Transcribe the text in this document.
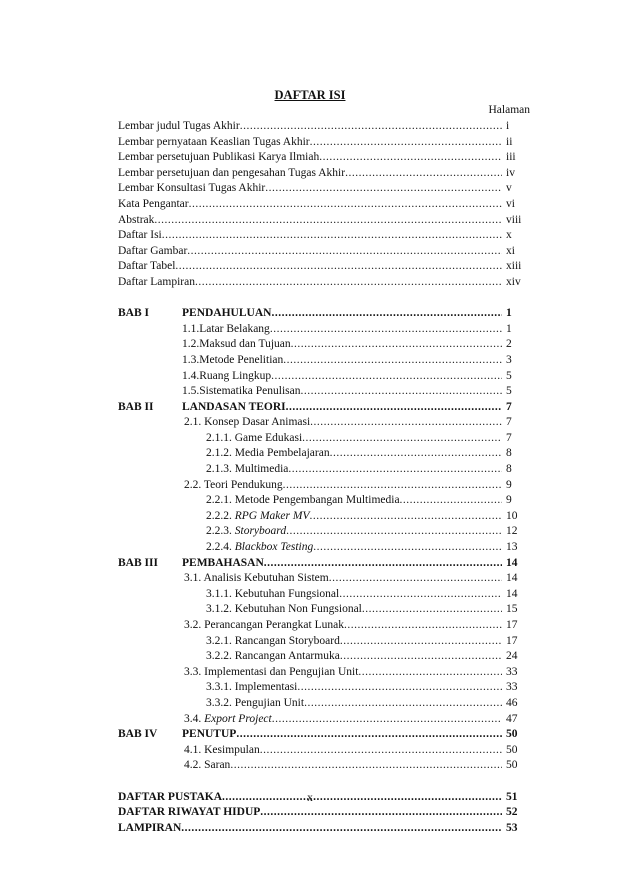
DAFTAR ISI
Halaman
Lembar judul Tugas Akhir .....	i
Lembar pernyataan Keaslian Tugas Akhir .....	ii
Lembar persetujuan Publikasi Karya Ilmiah .....	iii
Lembar persetujuan dan pengesahan Tugas Akhir .....	iv
Lembar Konsultasi Tugas Akhir .....	v
Kata Pengantar .....	vi
Abstrak .....	viii
Daftar Isi .....	x
Daftar Gambar .....	xi
Daftar Tabel .....	xiii
Daftar Lampiran .....	xiv
BAB I	PENDAHULUAN .....	1
1.1.Latar Belakang .....	1
1.2.Maksud dan Tujuan .....	2
1.3.Metode Penelitian .....	3
1.4.Ruang Lingkup .....	5
1.5.Sistematika Penulisan .....	5
BAB II	LANDASAN TEORI .....	7
2.1. Konsep Dasar Animasi .....	7
2.1.1. Game Edukasi .....	7
2.1.2. Media Pembelajaran .....	8
2.1.3. Multimedia .....	8
2.2. Teori Pendukung .....	9
2.2.1. Metode Pengembangan Multimedia .....	9
2.2.2. RPG Maker MV .....	10
2.2.3. Storyboard .....	12
2.2.4. Blackbox Testing .....	13
BAB III	PEMBAHASAN .....	14
3.1. Analisis Kebutuhan Sistem .....	14
3.1.1. Kebutuhan Fungsional .....	14
3.1.2. Kebutuhan Non Fungsional .....	15
3.2. Perancangan Perangkat Lunak .....	17
3.2.1. Rancangan Storyboard .....	17
3.2.2. Rancangan Antarmuka .....	24
3.3. Implementasi dan Pengujian Unit .....	33
3.3.1. Implementasi .....	33
3.3.2. Pengujian Unit .....	46
3.4. Export Project .....	47
BAB IV	PENUTUP .....	50
4.1. Kesimpulan .....	50
4.2. Saran .....	50
DAFTAR PUSTAKA .....	51
DAFTAR RIWAYAT HIDUP .....	52
LAMPIRAN .....	53
x
